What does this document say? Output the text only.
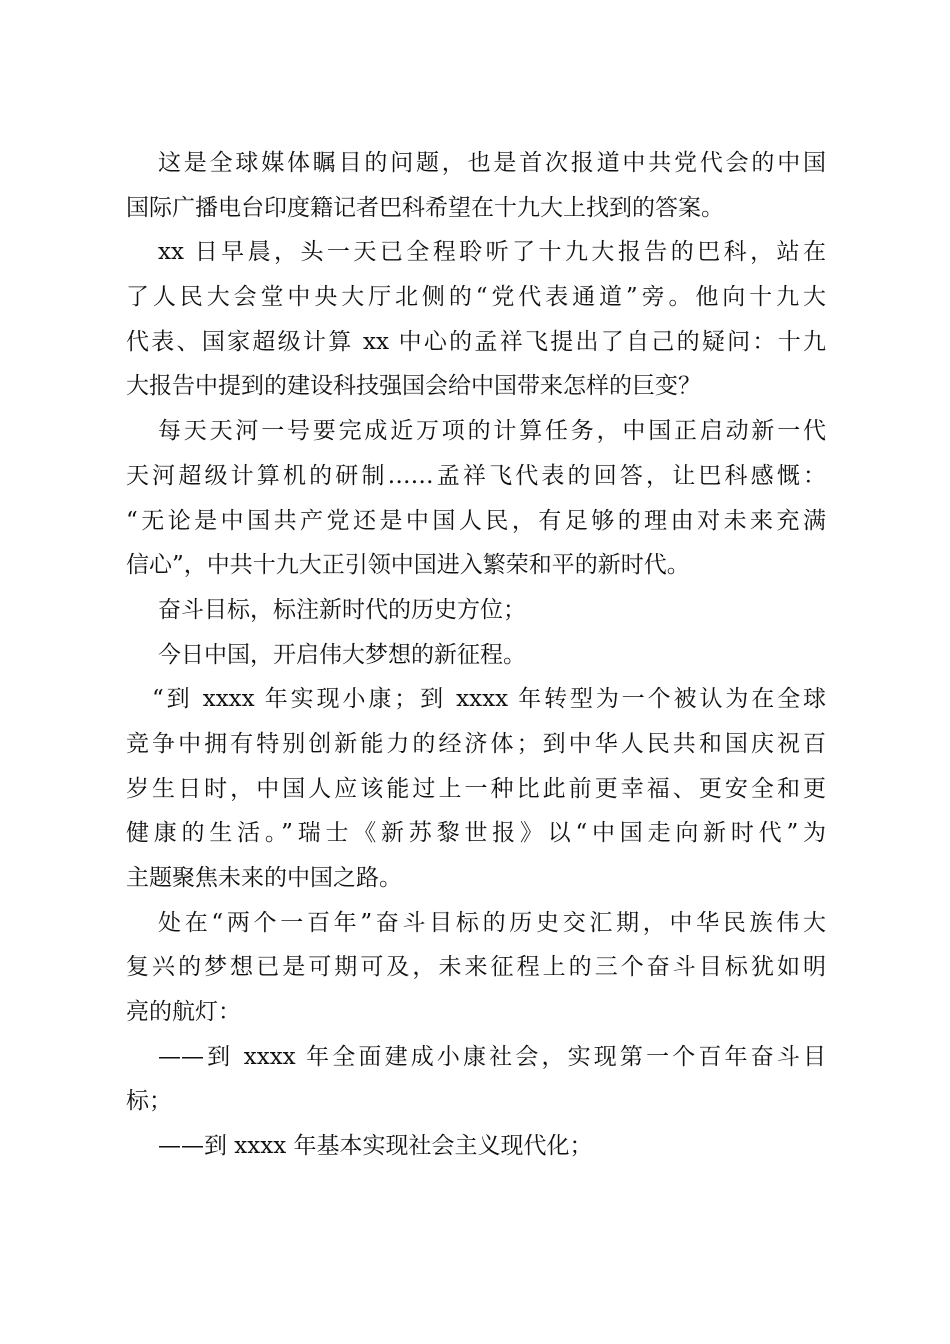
这是全球媒体瞩目的问题，也是首次报道中共党代会的中国
国际广播电台印度籍记者巴科希望在十九大上找到的答案。
xx 日早晨，头一天已全程聆听了十九大报告的巴科，站在
了人民大会堂中央大厅北侧的“党代表通道”旁。他向十九大
代表、国家超级计算 xx 中心的孟祥飞提出了自己的疑问：十九
大报告中提到的建设科技强国会给中国带来怎样的巨变？
每天天河一号要完成近万项的计算任务，中国正启动新一代
天河超级计算机的研制……孟祥飞代表的回答，让巴科感慨：
“无论是中国共产党还是中国人民，有足够的理由对未来充满
信心”，中共十九大正引领中国进入繁荣和平的新时代。
奋斗目标，标注新时代的历史方位；
今日中国，开启伟大梦想的新征程。
“到 xxxx 年实现小康；到 xxxx 年转型为一个被认为在全球
竞争中拥有特别创新能力的经济体；到中华人民共和国庆祝百
岁生日时，中国人应该能过上一种比此前更幸福、更安全和更
健康的生活。”瑞士《新苏黎世报》以“中国走向新时代”为
主题聚焦未来的中国之路。
处在“两个一百年”奋斗目标的历史交汇期，中华民族伟大
复兴的梦想已是可期可及，未来征程上的三个奋斗目标犹如明
亮的航灯：
——到 xxxx 年全面建成小康社会，实现第一个百年奋斗目
标；
——到 xxxx 年基本实现社会主义现代化；
